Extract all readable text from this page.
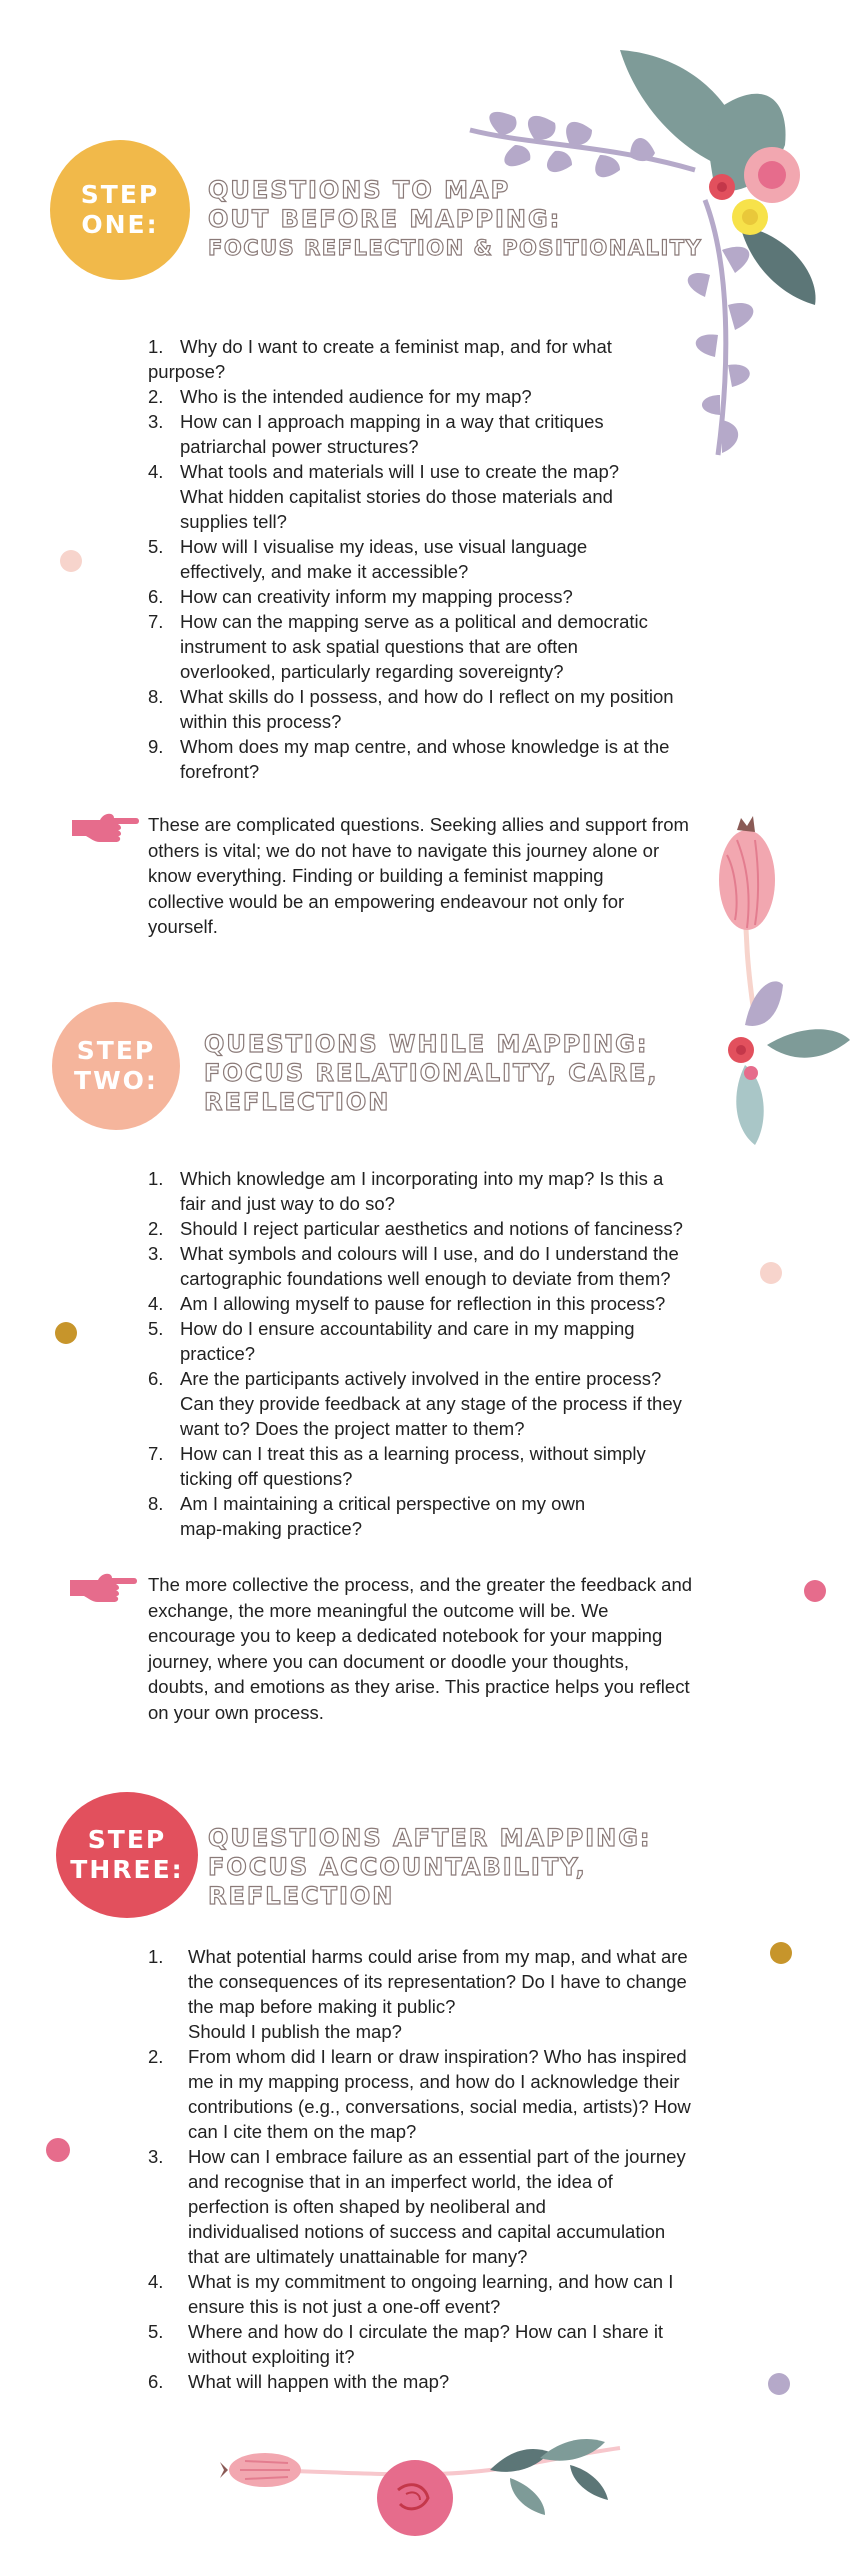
STEP
ONE:
QUESTIONS TO MAP
OUT BEFORE MAPPING:
FOCUS REFLECTION & POSITIONALITY
1. Why do I want to create a feminist map, and for what
purpose?
2. Who is the intended audience for my map?
3. How can I approach mapping in a way that critiques
patriarchal power structures?
4. What tools and materials will I use to create the map?
What hidden capitalist stories do those materials and
supplies tell?
5. How will I visualise my ideas, use visual language
effectively, and make it accessible?
6. How can creativity inform my mapping process?
7. How can the mapping serve as a political and democratic
instrument to ask spatial questions that are often
overlooked, particularly regarding sovereignty?
8. What skills do I possess, and how do I reflect on my position
within this process?
9. Whom does my map centre, and whose knowledge is at the
forefront?
These are complicated questions. Seeking allies and support from
others is vital; we do not have to navigate this journey alone or
know everything. Finding or building a feminist mapping
collective would be an empowering endeavour not only for
yourself.
STEP
TWO:
QUESTIONS WHILE MAPPING:
FOCUS RELATIONALITY, CARE,
REFLECTION
1. Which knowledge am I incorporating into my map? Is this a
fair and just way to do so?
2. Should I reject particular aesthetics and notions of fanciness?
3. What symbols and colours will I use, and do I understand the
cartographic foundations well enough to deviate from them?
4. Am I allowing myself to pause for reflection in this process?
5. How do I ensure accountability and care in my mapping
practice?
6. Are the participants actively involved in the entire process?
Can they provide feedback at any stage of the process if they
want to? Does the project matter to them?
7. How can I treat this as a learning process, without simply
ticking off questions?
8. Am I maintaining a critical perspective on my own
map-making practice?
The more collective the process, and the greater the feedback and
exchange, the more meaningful the outcome will be. We
encourage you to keep a dedicated notebook for your mapping
journey, where you can document or doodle your thoughts,
doubts, and emotions as they arise. This practice helps you reflect
on your own process.
STEP
THREE:
QUESTIONS AFTER MAPPING:
FOCUS ACCOUNTABILITY,
REFLECTION
1.	What potential harms could arise from my map, and what are
the consequences of its representation? Do I have to change
the map before making it public?
Should I publish the map?
2.	From whom did I learn or draw inspiration? Who has inspired
me in my mapping process, and how do I acknowledge their
contributions (e.g., conversations, social media, artists)? How
can I cite them on the map?
3.	How can I embrace failure as an essential part of the journey
and recognise that in an imperfect world, the idea of
perfection is often shaped by neoliberal and
individualised notions of success and capital accumulation
that are ultimately unattainable for many?
4.	What is my commitment to ongoing learning, and how can I
ensure this is not just a one-off event?
5.	Where and how do I circulate the map? How can I share it
without exploiting it?
6.	What will happen with the map?
